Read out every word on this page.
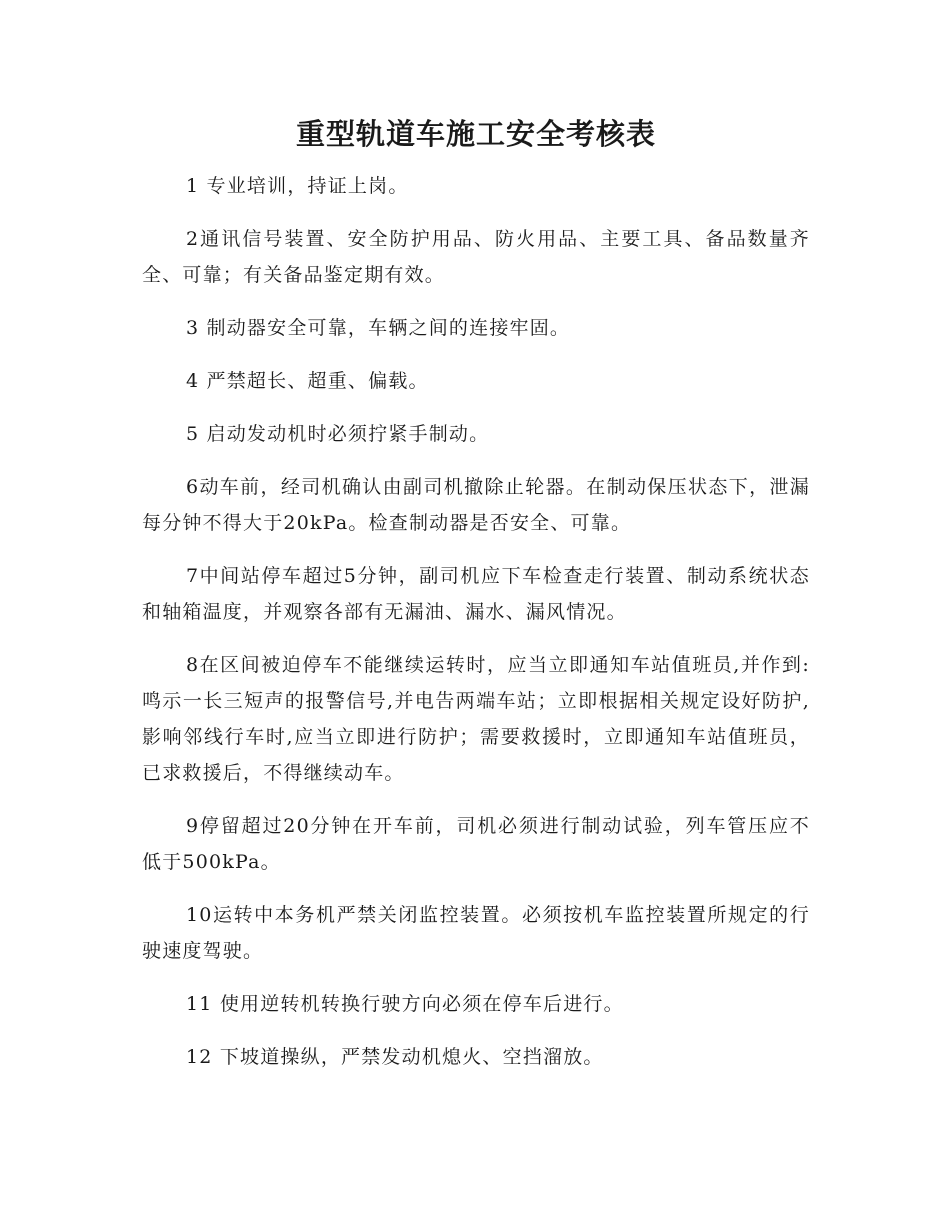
重型轨道车施工安全考核表

1 专业培训，持证上岗。

2通讯信号装置、安全防护用品、防火用品、主要工具、备品数量齐全、可靠；有关备品鉴定期有效。

3 制动器安全可靠，车辆之间的连接牢固。

4 严禁超长、超重、偏载。

5 启动发动机时必须拧紧手制动。

6动车前，经司机确认由副司机撤除止轮器。在制动保压状态下，泄漏每分钟不得大于20kPa。检查制动器是否安全、可靠。

7中间站停车超过5分钟，副司机应下车检查走行装置、制动系统状态和轴箱温度，并观察各部有无漏油、漏水、漏风情况。

8在区间被迫停车不能继续运转时，应当立即通知车站值班员,并作到:鸣示一长三短声的报警信号,并电告两端车站；立即根据相关规定设好防护,影响邻线行车时,应当立即进行防护；需要救援时，立即通知车站值班员，已求救援后，不得继续动车。

9停留超过20分钟在开车前，司机必须进行制动试验，列车管压应不低于500kPa。

10运转中本务机严禁关闭监控装置。必须按机车监控装置所规定的行驶速度驾驶。

11 使用逆转机转换行驶方向必须在停车后进行。

12 下坡道操纵，严禁发动机熄火、空挡溜放。
